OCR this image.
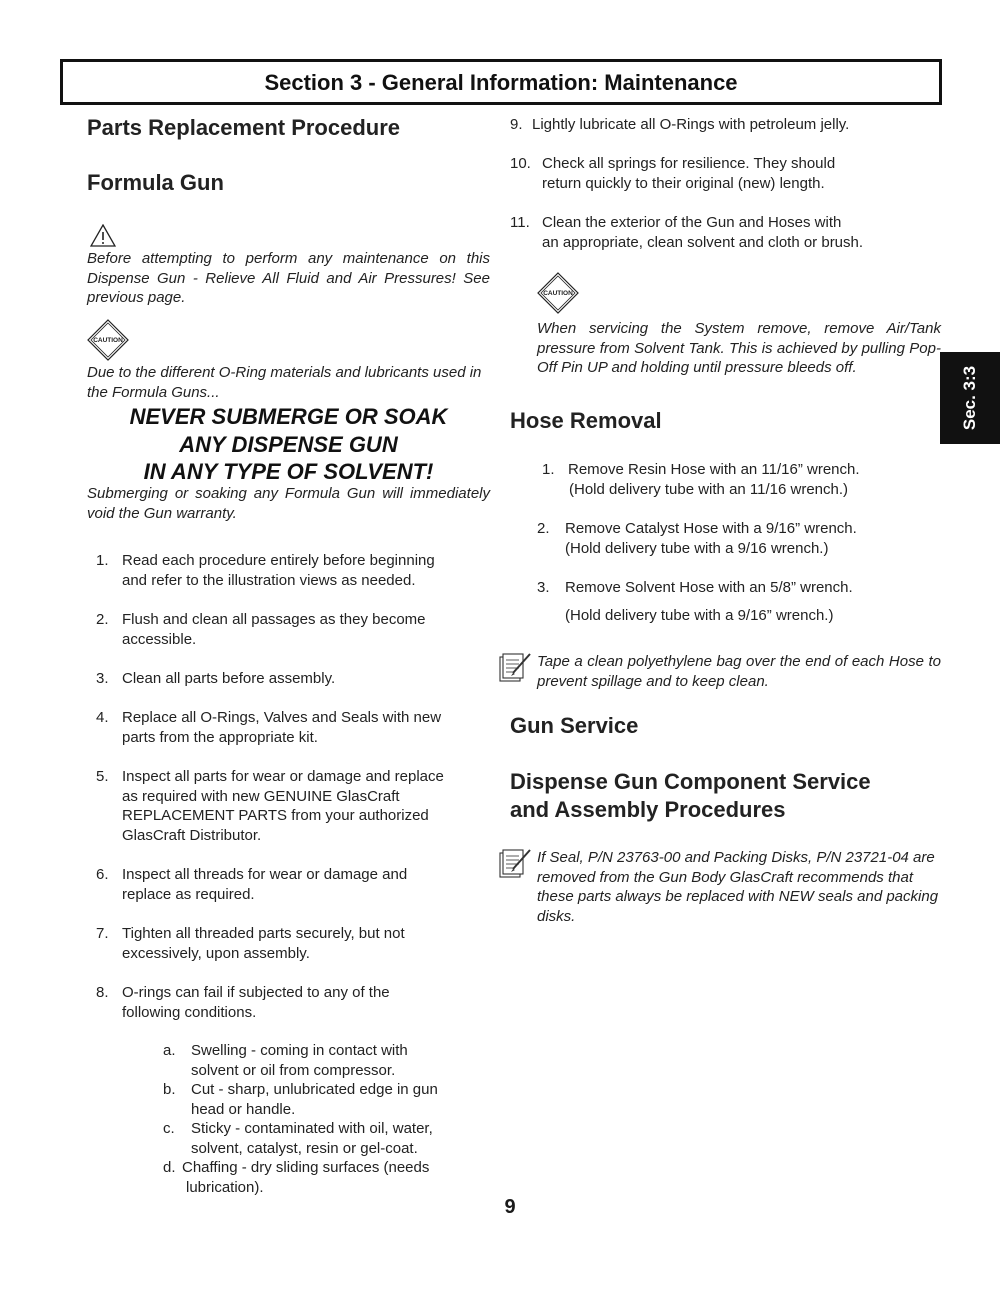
Section 3 - General Information: Maintenance
Sec. 3:3
Parts Replacement Procedure
Formula Gun
Before attempting to perform any maintenance on this Dispense Gun - Relieve All Fluid and Air Pressures! See previous page.
CAUTION
Due to the different O-Ring materials and lubricants used in the Formula Guns...
NEVER SUBMERGE OR SOAK
ANY DISPENSE GUN
IN ANY TYPE OF SOLVENT!
Submerging or soaking any Formula Gun will immediately void the Gun warranty.
1. Read each procedure entirely before beginning
and refer to the illustration views as needed.
2. Flush and clean all passages as they become
accessible.
3. Clean all parts before assembly.
4. Replace all O-Rings, Valves and Seals with new
parts from the appropriate kit.
5. Inspect all parts for wear or damage and replace
as required with new GENUINE GlasCraft
REPLACEMENT PARTS from your authorized
GlasCraft Distributor.
6. Inspect all threads for wear or damage and
replace as required.
7. Tighten all threaded parts securely, but not
excessively, upon assembly.
8. O-rings can fail if subjected to any of the
following conditions.
a. Swelling - coming in contact with
solvent or oil from compressor.
b. Cut - sharp, unlubricated edge in gun
head or handle.
c. Sticky - contaminated with oil, water,
solvent, catalyst, resin or gel-coat.
d. Chaffing - dry sliding surfaces (needs
lubrication).
9. Lightly lubricate all O-Rings with petroleum jelly.
10. Check all springs for resilience. They should
return quickly to their original (new) length.
11. Clean the exterior of the Gun and Hoses with
an appropriate, clean solvent and cloth or brush.
CAUTION
When servicing the System remove, remove Air/Tank pressure from Solvent Tank. This is achieved by pulling Pop-Off Pin UP and holding until pressure bleeds off.
Hose Removal
1. Remove Resin Hose with an 11/16” wrench.
(Hold delivery tube with an 11/16 wrench.)
2. Remove Catalyst Hose with a 9/16” wrench.
(Hold delivery tube with a 9/16 wrench.)
3. Remove Solvent Hose with an 5/8” wrench.
(Hold delivery tube with a 9/16” wrench.)
Tape a clean polyethylene bag over the end of each Hose to prevent spillage and to keep clean.
Gun Service
Dispense Gun Component Service
and Assembly Procedures
If Seal, P/N 23763-00 and Packing Disks, P/N 23721-04 are removed from the Gun Body GlasCraft recommends that these parts always be replaced with NEW seals and packing disks.
9
